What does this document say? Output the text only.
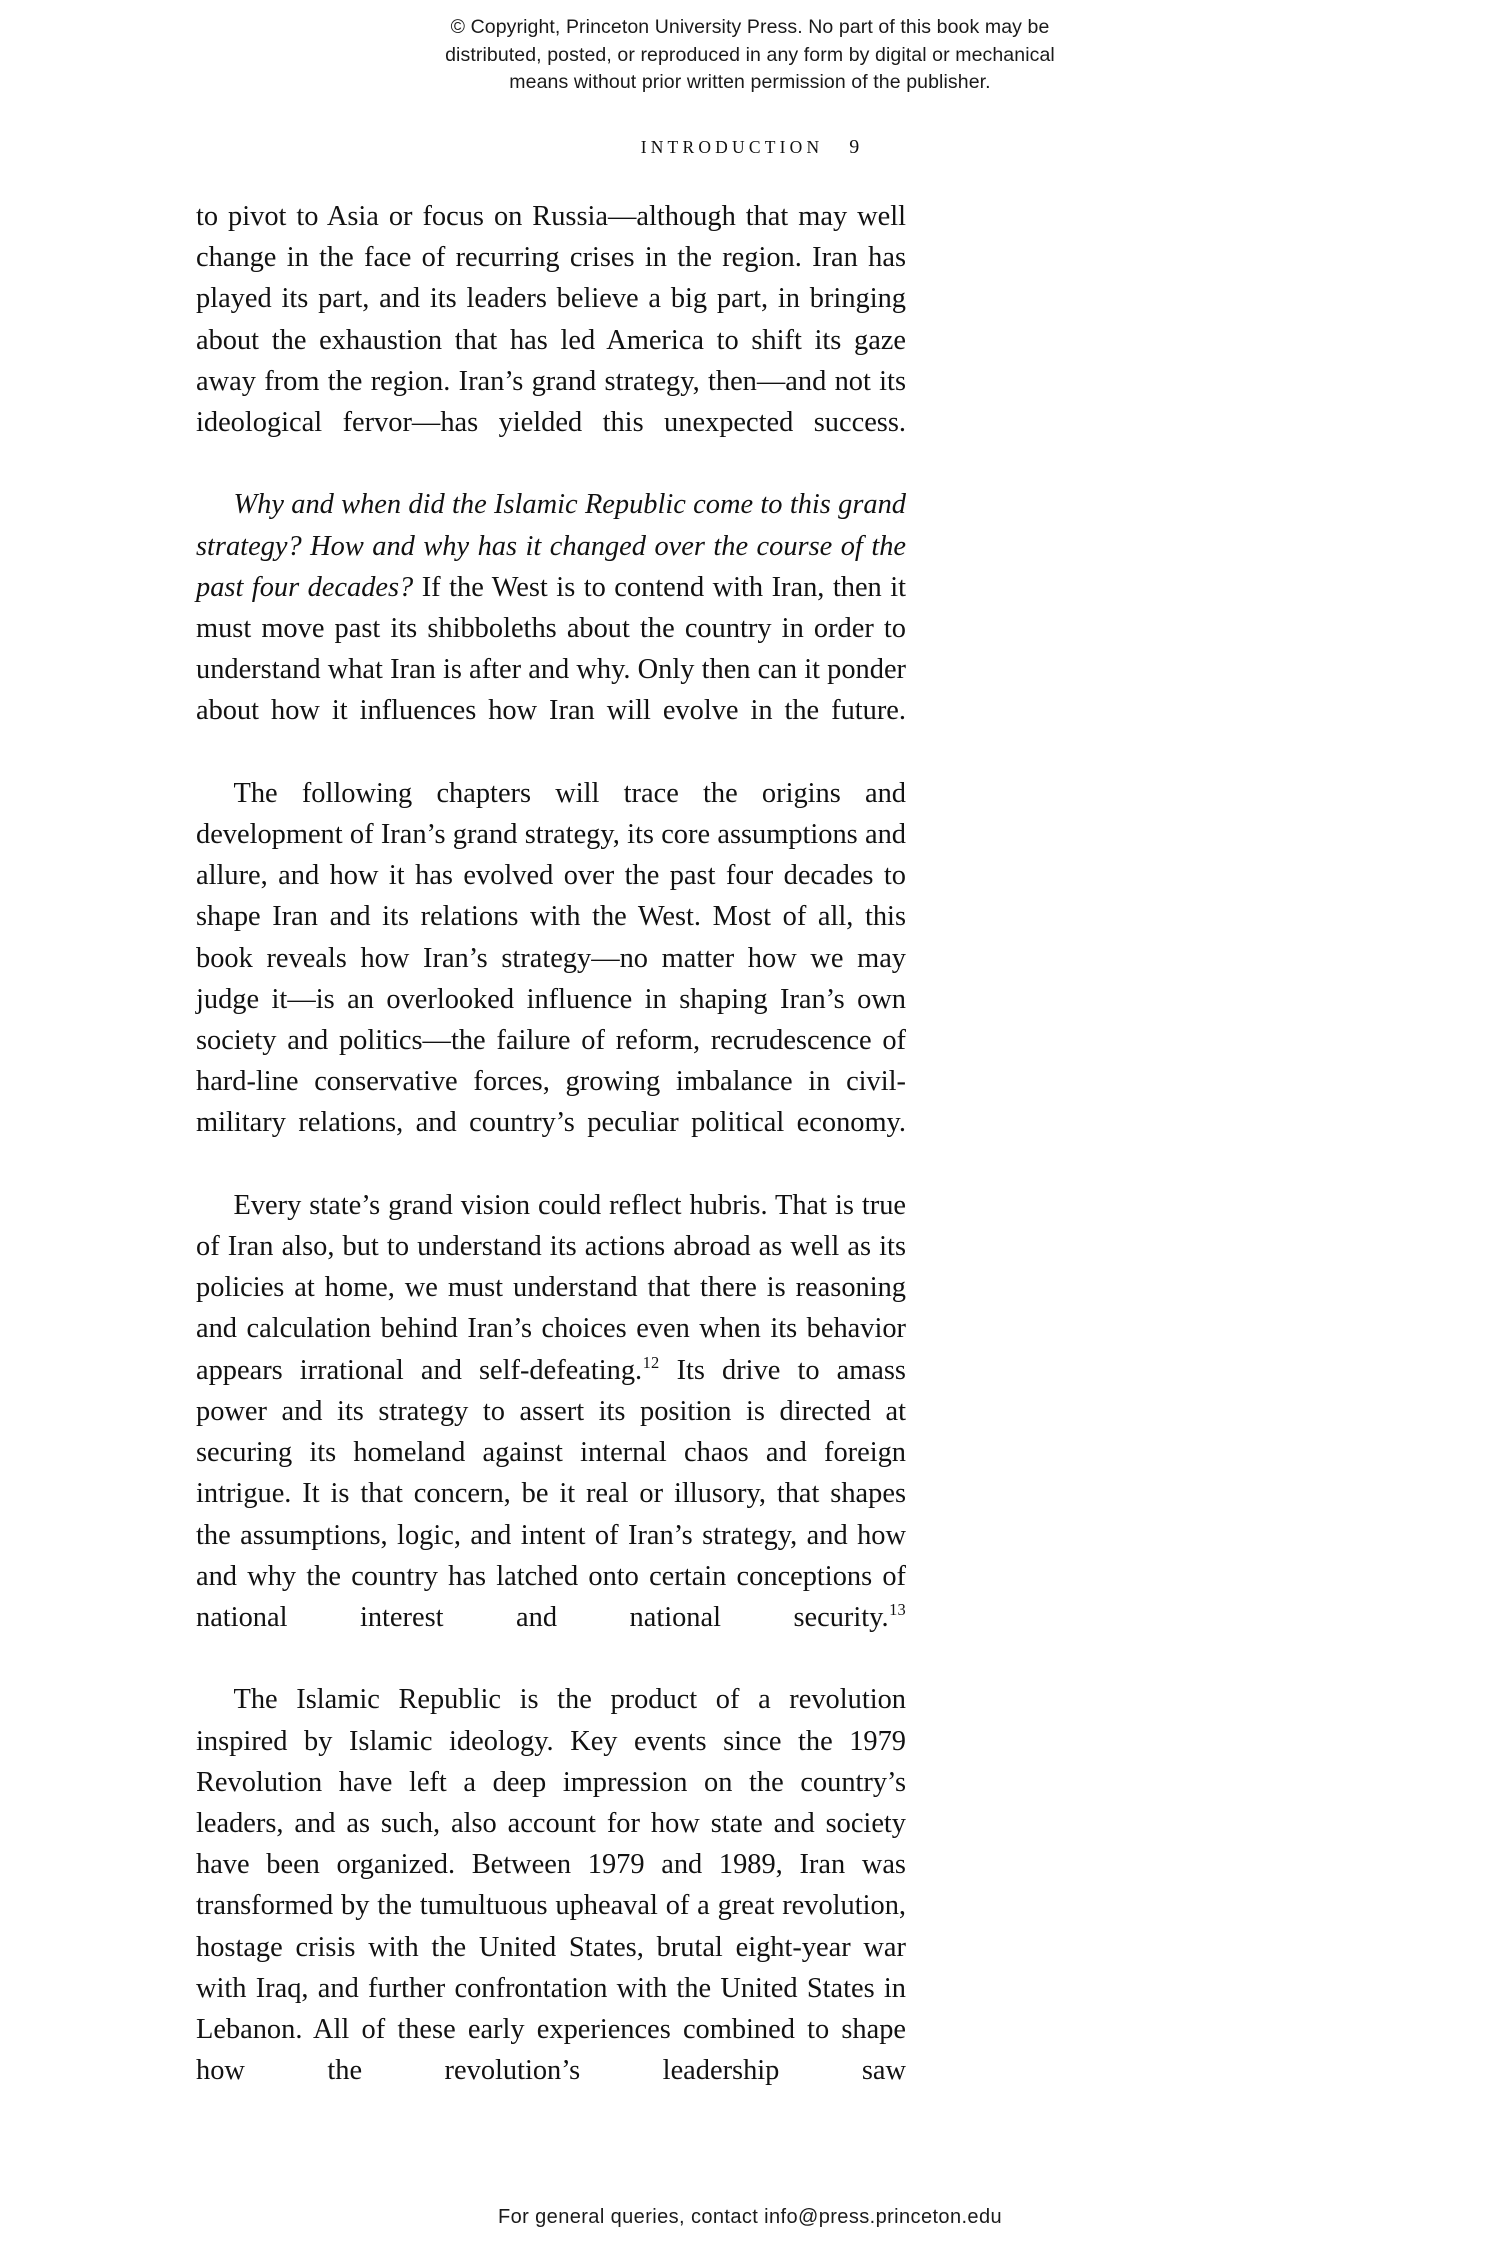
© Copyright, Princeton University Press. No part of this book may be
distributed, posted, or reproduced in any form by digital or mechanical
means without prior written permission of the publisher.
INTRODUCTION 9

to pivot to Asia or focus on Russia—although that may well change in the face of recurring crises in the region. Iran has played its part, and its leaders believe a big part, in bringing about the exhaustion that has led America to shift its gaze away from the region. Iran’s grand strategy, then—and not its ideological fervor—has yielded this unexpected success.

Why and when did the Islamic Republic come to this grand strategy? How and why has it changed over the course of the past four decades? If the West is to contend with Iran, then it must move past its shibboleths about the country in order to understand what Iran is after and why. Only then can it ponder about how it influences how Iran will evolve in the future.

The following chapters will trace the origins and development of Iran’s grand strategy, its core assumptions and allure, and how it has evolved over the past four decades to shape Iran and its relations with the West. Most of all, this book reveals how Iran’s strategy—no matter how we may judge it—is an overlooked influence in shaping Iran’s own society and politics—the failure of reform, recrudescence of hard-line conservative forces, growing imbalance in civil-military relations, and country’s peculiar political economy.

Every state’s grand vision could reflect hubris. That is true of Iran also, but to understand its actions abroad as well as its policies at home, we must understand that there is reasoning and calculation behind Iran’s choices even when its behavior appears irrational and self-defeating.$^{12}$ Its drive to amass power and its strategy to assert its position is directed at securing its homeland against internal chaos and foreign intrigue. It is that concern, be it real or illusory, that shapes the assumptions, logic, and intent of Iran’s strategy, and how and why the country has latched onto certain conceptions of national interest and national security.$^{13}$

The Islamic Republic is the product of a revolution inspired by Islamic ideology. Key events since the 1979 Revolution have left a deep impression on the country’s leaders, and as such, also account for how state and society have been organized. Between 1979 and 1989, Iran was transformed by the tumultuous upheaval of a great revolution, hostage crisis with the United States, brutal eight-year war with Iraq, and further confrontation with the United States in Lebanon. All of these early experiences combined to shape how the revolution’s leadership saw

For general queries, contact info@press.princeton.edu
